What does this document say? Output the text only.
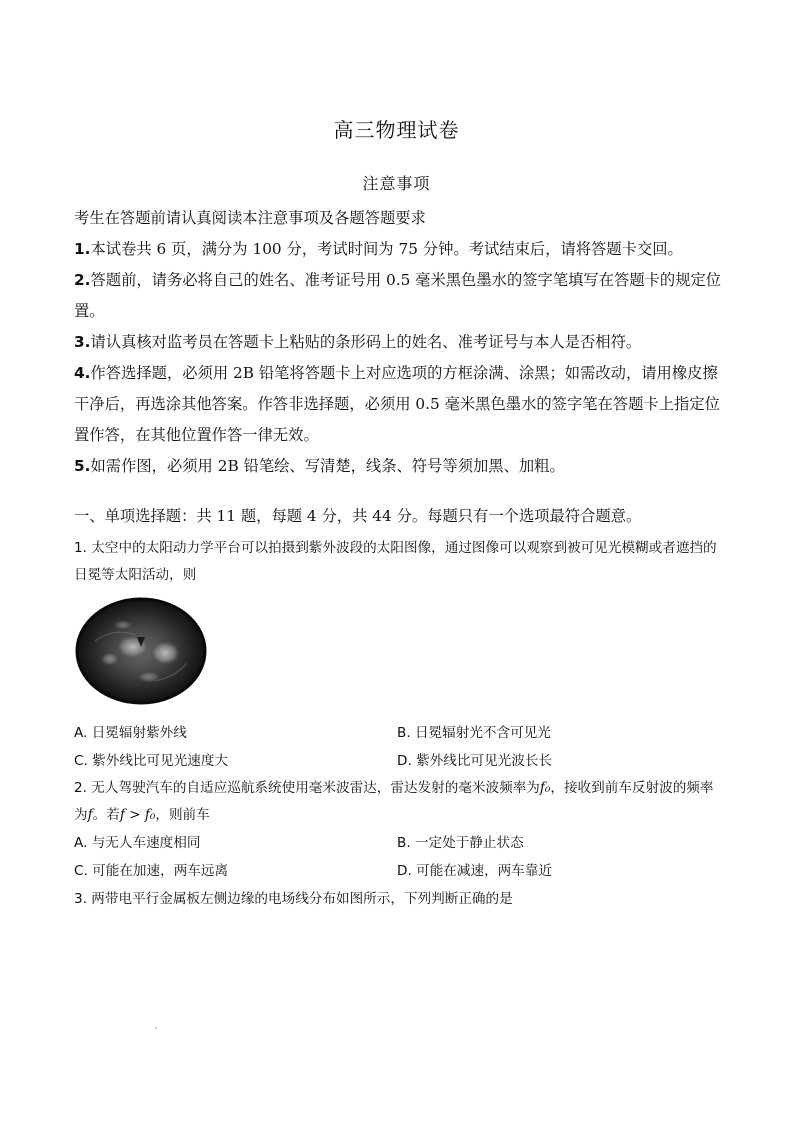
高三物理试卷
注意事项

考生在答题前请认真阅读本注意事项及各题答题要求

1.本试卷共 6 页，满分为 100 分，考试时间为 75 分钟。考试结束后，请将答题卡交回。

2.答题前，请务必将自己的姓名、准考证号用 0.5 毫米黑色墨水的签字笔填写在答题卡的规定位置。

3.请认真核对监考员在答题卡上粘贴的条形码上的姓名、准考证号与本人是否相符。

4.作答选择题，必须用 2B 铅笔将答题卡上对应选项的方框涂满、涂黑；如需改动，请用橡皮擦干净后，再选涂其他答案。作答非选择题，必须用 0.5 毫米黑色墨水的签字笔在答题卡上指定位置作答，在其他位置作答一律无效。

5.如需作图，必须用 2B 铅笔绘、写清楚，线条、符号等须加黑、加粗。

一、单项选择题：共 11 题，每题 4 分，共 44 分。每题只有一个选项最符合题意。

1. 太空中的太阳动力学平台可以拍摄到紫外波段的太阳图像，通过图像可以观察到被可见光模糊或者遮挡的日冕等太阳活动，则

A. 日冕辐射紫外线	B. 日冕辐射光不含可见光
C. 紫外线比可见光速度大	D. 紫外线比可见光波长长

2. 无人驾驶汽车的自适应巡航系统使用毫米波雷达，雷达发射的毫米波频率为f₀，接收到前车反射波的频率为f。若f > f₀，则前车

A. 与无人车速度相同	B. 一定处于静止状态
C. 可能在加速，两车远离	D. 可能在减速，两车靠近
3. 两带电平行金属板左侧边缘的电场线分布如图所示，下列判断正确的是
